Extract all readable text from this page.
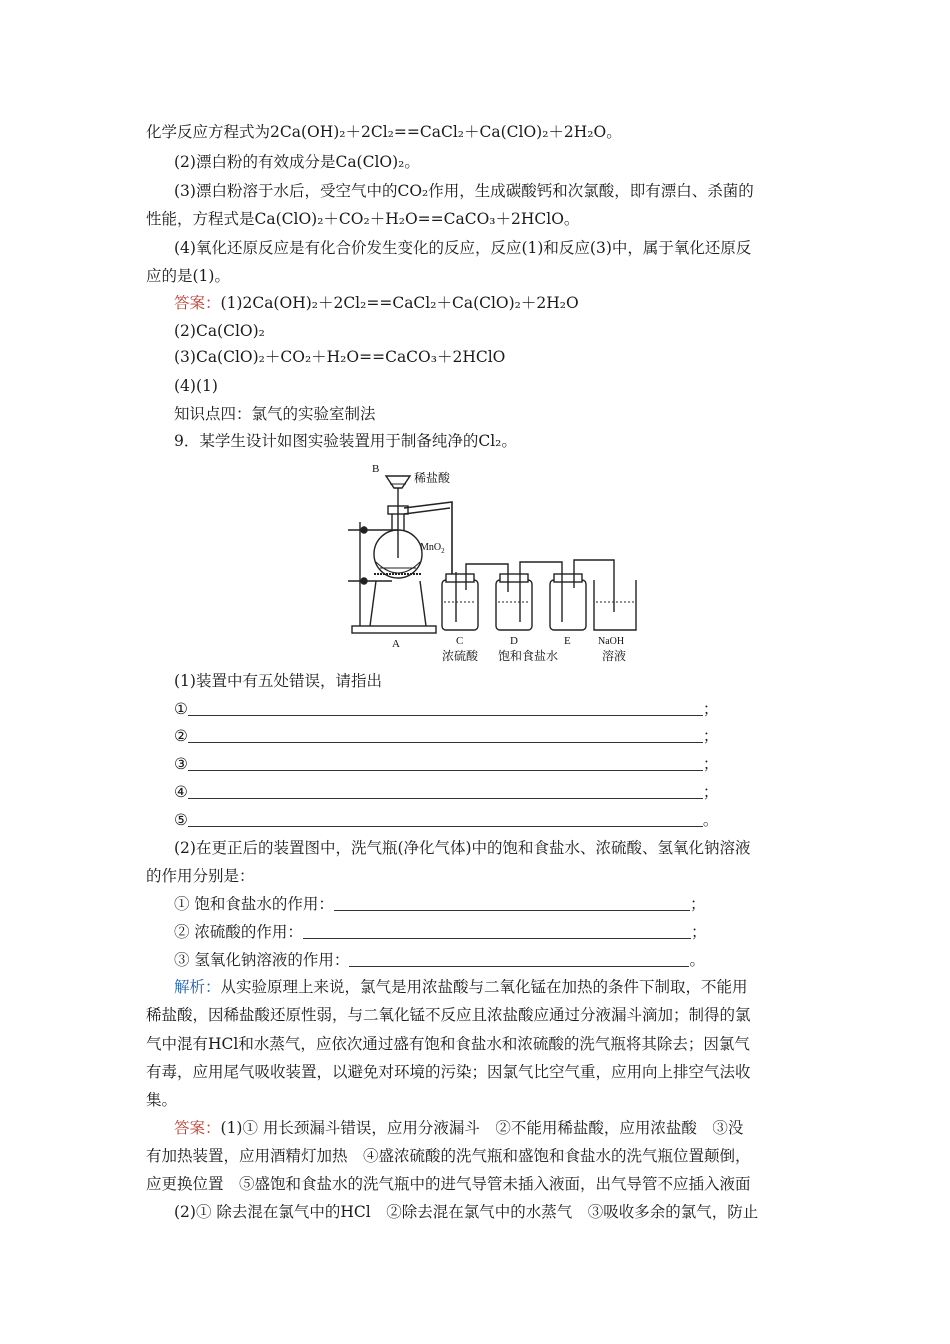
化学反应方程式为2Ca(OH)₂＋2Cl₂==CaCl₂＋Ca(ClO)₂＋2H₂O。
(2)漂白粉的有效成分是Ca(ClO)₂。
(3)漂白粉溶于水后，受空气中的CO₂作用，生成碳酸钙和次氯酸，即有漂白、杀菌的
性能，方程式是Ca(ClO)₂＋CO₂＋H₂O==CaCO₃＋2HClO。
(4)氧化还原反应是有化合价发生变化的反应，反应(1)和反应(3)中，属于氧化还原反
应的是(1)。
答案：(1)2Ca(OH)₂＋2Cl₂==CaCl₂＋Ca(ClO)₂＋2H₂O
(2)Ca(ClO)₂
(3)Ca(ClO)₂＋CO₂＋H₂O==CaCO₃＋2HClO
(4)(1)
知识点四：氯气的实验室制法
9．某学生设计如图实验装置用于制备纯净的Cl₂。
B
稀盐酸
MnO$_2$
A	C	D	E	NaOH
浓硫酸 饱和食盐水	溶液
(1)装置中有五处错误，请指出
①	；
②	；
③	；
④	；
⑤	。
(2)在更正后的装置图中，洗气瓶(净化气体)中的饱和食盐水、浓硫酸、氢氧化钠溶液
的作用分别是：
① 饱和食盐水的作用：	；
② 浓硫酸的作用：	；
③ 氢氧化钠溶液的作用：	。
解析：从实验原理上来说，氯气是用浓盐酸与二氧化锰在加热的条件下制取，不能用
稀盐酸，因稀盐酸还原性弱，与二氧化锰不反应且浓盐酸应通过分液漏斗滴加；制得的氯
气中混有HCl和水蒸气，应依次通过盛有饱和食盐水和浓硫酸的洗气瓶将其除去；因氯气
有毒，应用尾气吸收装置，以避免对环境的污染；因氯气比空气重，应用向上排空气法收
集。
答案：(1)① 用长颈漏斗错误，应用分液漏斗　②不能用稀盐酸，应用浓盐酸　③没
有加热装置，应用酒精灯加热　④盛浓硫酸的洗气瓶和盛饱和食盐水的洗气瓶位置颠倒，
应更换位置　⑤盛饱和食盐水的洗气瓶中的进气导管未插入液面，出气导管不应插入液面
(2)① 除去混在氯气中的HCl　②除去混在氯气中的水蒸气　③吸收多余的氯气，防止
